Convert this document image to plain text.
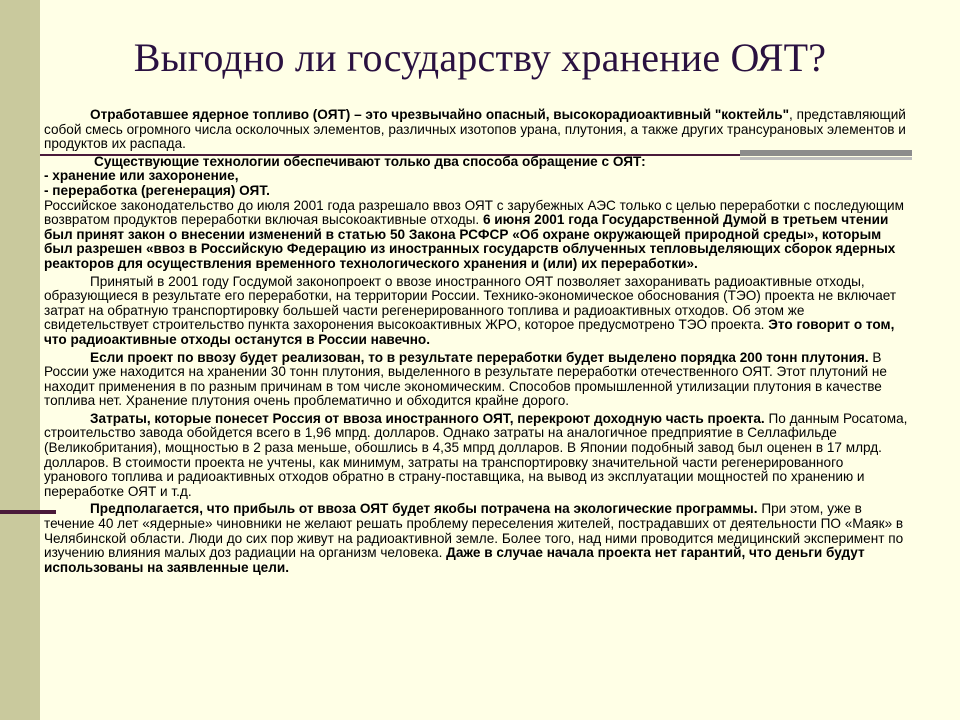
Выгодно ли государству хранение ОЯТ?

Отработавшее ядерное топливо (ОЯТ) – это чрезвычайно опасный, высокорадиоактивный "коктейль", представляющий собой смесь огромного числа осколочных элементов, различных изотопов урана, плутония, а также других трансурановых элементов и продуктов их распада.

Существующие технологии обеспечивают только два способа обращение с ОЯТ:
- хранение или захоронение,
- переработка (регенерация) ОЯТ.
Российское законодательство до июля 2001 года разрешало ввоз ОЯТ с зарубежных АЭС только с целью переработки с последующим возвратом продуктов переработки включая высокоактивные отходы. 6 июня 2001 года Государственной Думой в третьем чтении был принят закон о внесении изменений в статью 50 Закона РСФСР «Об охране окружающей природной среды», которым был разрешен «ввоз в Российскую Федерацию из иностранных государств облученных тепловыделяющих сборок ядерных реакторов для осуществления временного технологического хранения и (или) их переработки».

Принятый в 2001 году Госдумой законопроект о ввозе иностранного ОЯТ позволяет захоранивать радиоактивные отходы, образующиеся в результате его переработки, на территории России. Технико-экономическое обоснования (ТЭО) проекта не включает затрат на обратную транспортировку большей части регенерированного топлива и радиоактивных отходов. Об этом же свидетельствует строительство пункта захоронения высокоактивных ЖРО, которое предусмотрено ТЭО проекта. Это говорит о том, что радиоактивные отходы останутся в России навечно.

Если проект по ввозу будет реализован, то в результате переработки будет выделено порядка 200 тонн плутония. В России уже находится на хранении 30 тонн плутония, выделенного в результате переработки отечественного ОЯТ. Этот плутоний не находит применения в по разным причинам в том числе экономическим. Способов промышленной утилизации плутония в качестве топлива нет. Хранение плутония очень проблематично и обходится крайне дорого.

Затраты, которые понесет Россия от ввоза иностранного ОЯТ, перекроют доходную часть проекта. По данным Росатома, строительство завода обойдется всего в 1,96 мпрд. долларов. Однако затраты на аналогичное предприятие в Селлафильде (Великобритания), мощностью в 2 раза меньше, обошлись в 4,35 мпрд долларов. В Японии подобный завод был оценен в 17 млрд. долларов. В стоимости проекта не учтены, как минимум, затраты на транспортировку значительной части регенерированного уранового топлива и радиоактивных отходов обратно в страну-поставщика, на вывод из эксплуатации мощностей по хранению и переработке ОЯТ и т.д.

Предполагается, что прибыль от ввоза ОЯТ будет якобы потрачена на экологические программы. При этом, уже в течение 40 лет «ядерные» чиновники не желают решать проблему переселения жителей, пострадавших от деятельности ПО «Маяк» в Челябинской области. Люди до сих пор живут на радиоактивной земле. Более того, над ними проводится медицинский эксперимент по изучению влияния малых доз радиации на организм человека. Даже в случае начала проекта нет гарантий, что деньги будут использованы на заявленные цели.
